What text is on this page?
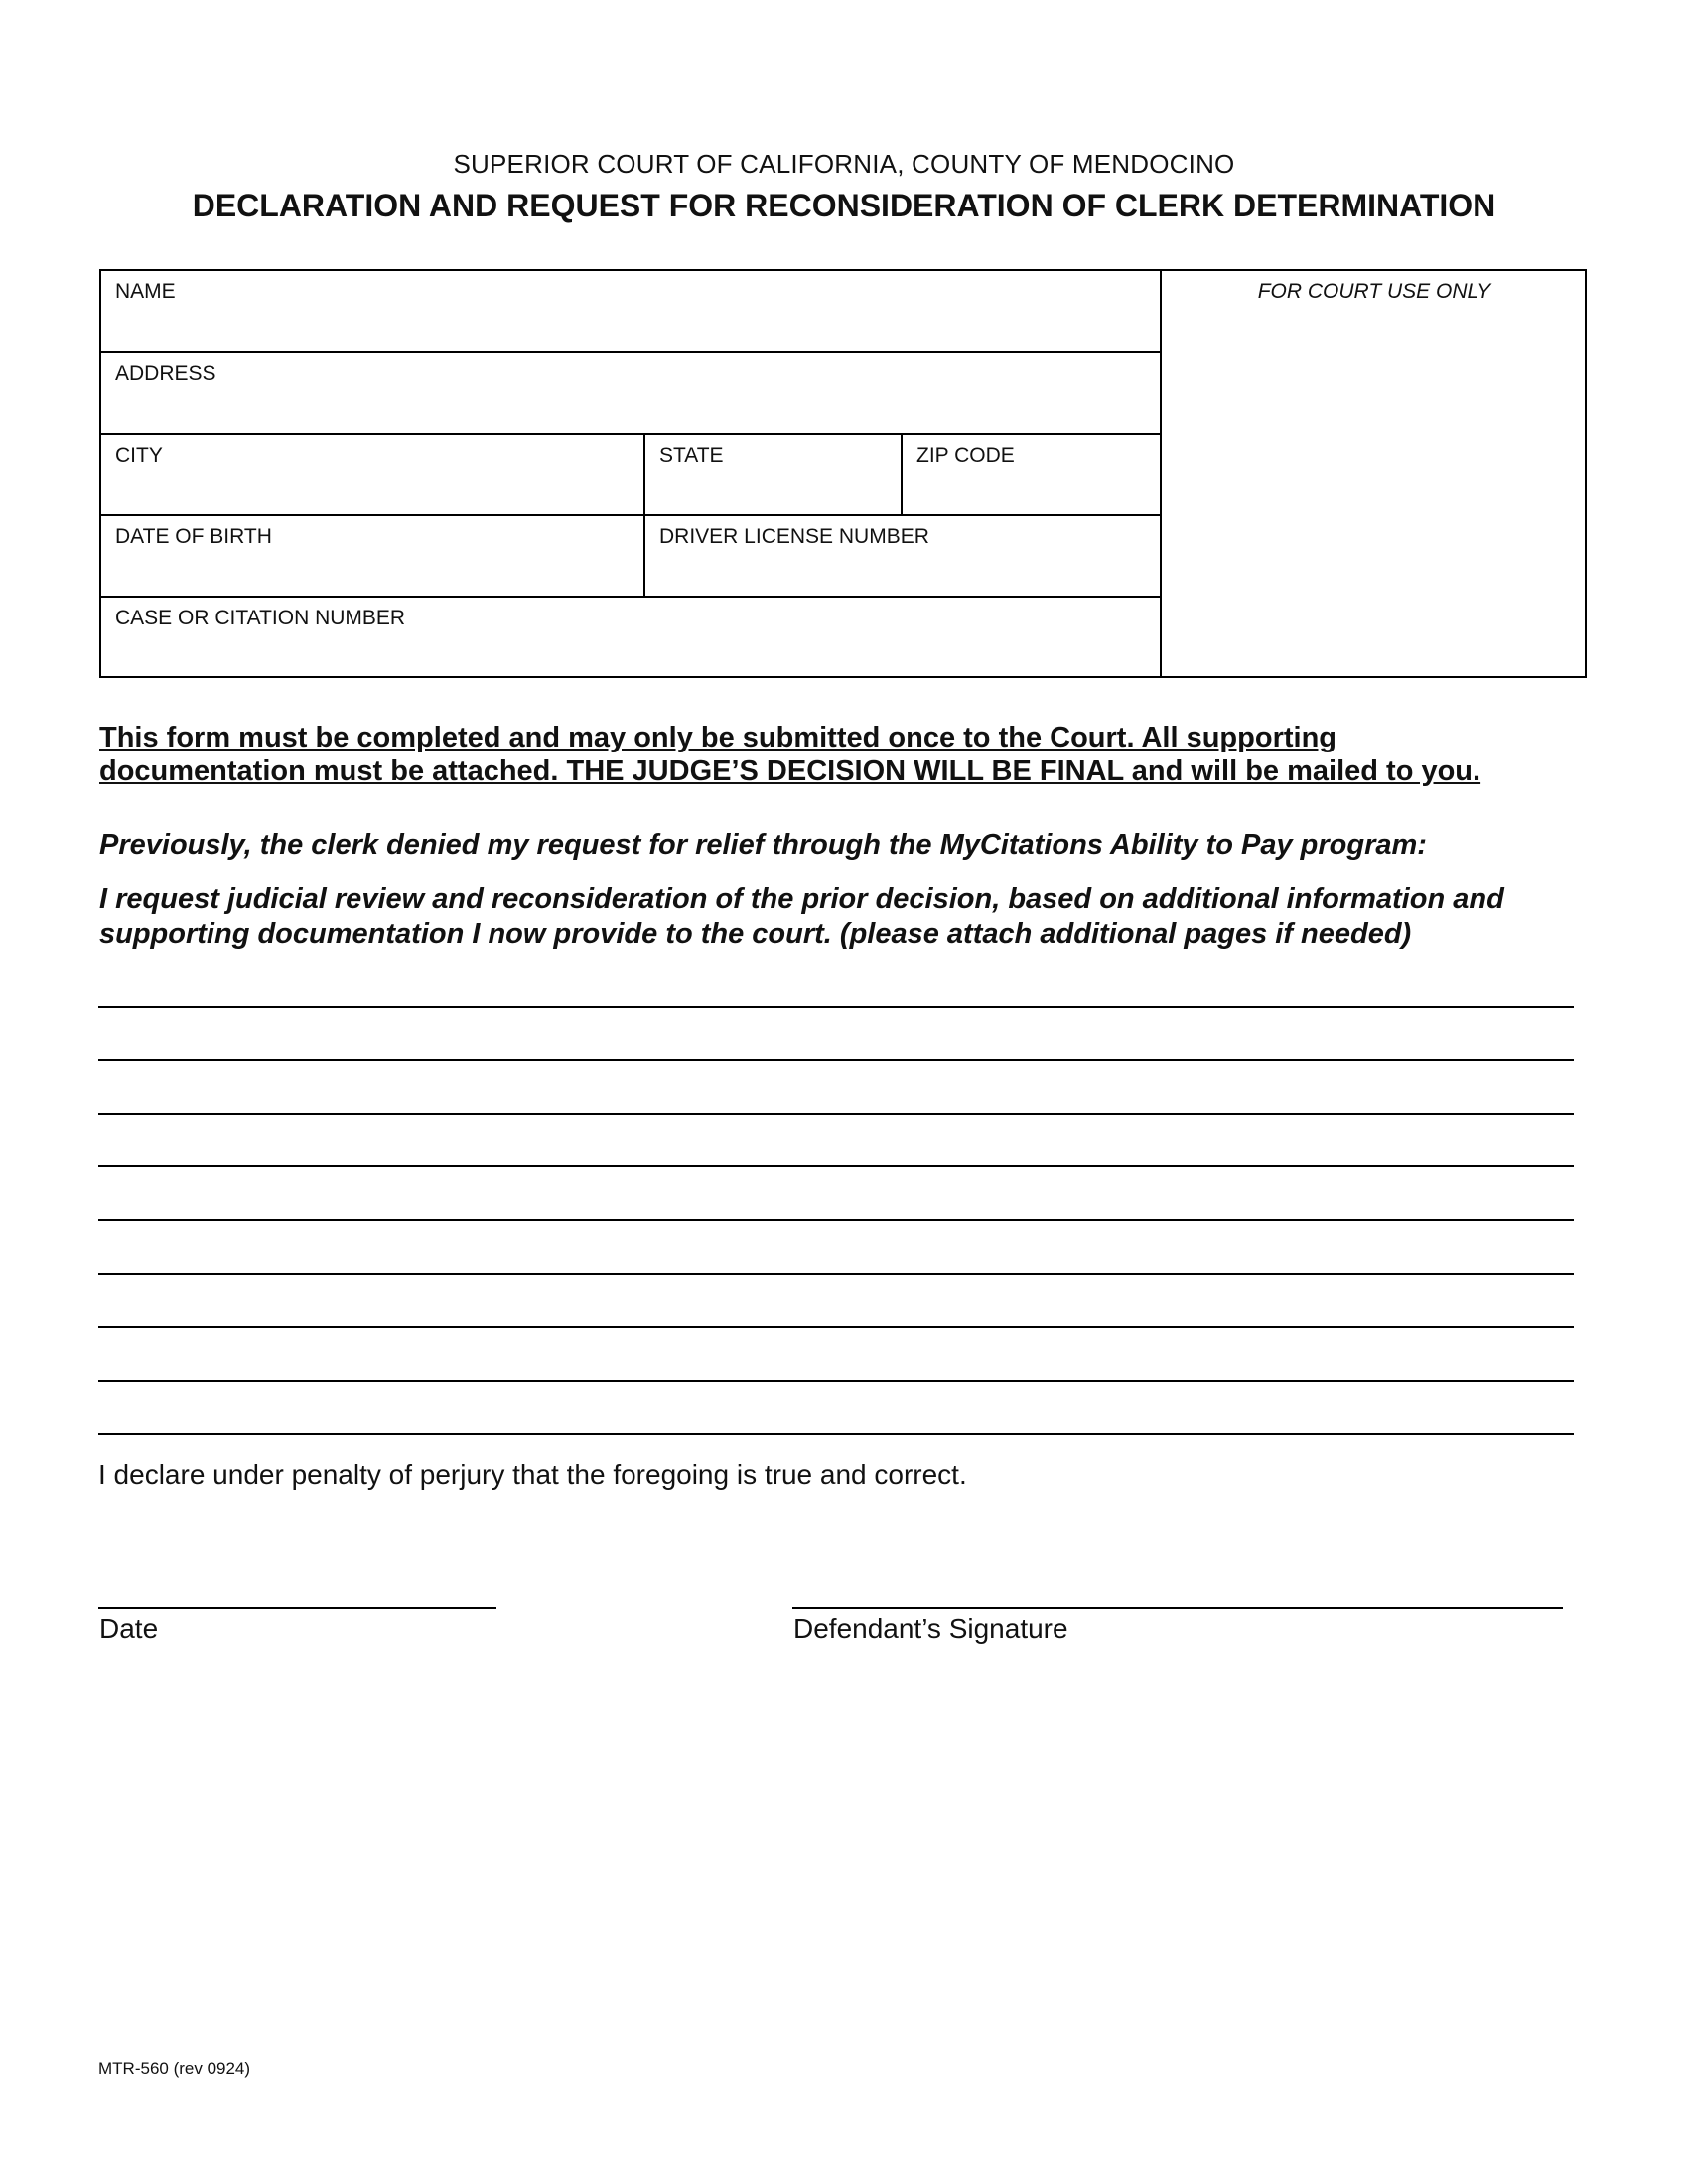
SUPERIOR COURT OF CALIFORNIA, COUNTY OF MENDOCINO
DECLARATION AND REQUEST FOR RECONSIDERATION OF CLERK DETERMINATION
NAME
ADDRESS
CITY	STATE	ZIP CODE
DATE OF BIRTH	DRIVER LICENSE NUMBER
CASE OR CITATION NUMBER
FOR COURT USE ONLY
This form must be completed and may only be submitted once to the Court. All supporting
documentation must be attached. THE JUDGE’S DECISION WILL BE FINAL and will be mailed to you.
Previously, the clerk denied my request for relief through the MyCitations Ability to Pay program:
I request judicial review and reconsideration of the prior decision, based on additional information and
supporting documentation I now provide to the court. (please attach additional pages if needed)
I declare under penalty of perjury that the foregoing is true and correct.
Date	Defendant’s Signature
MTR-560 (rev 0924)
